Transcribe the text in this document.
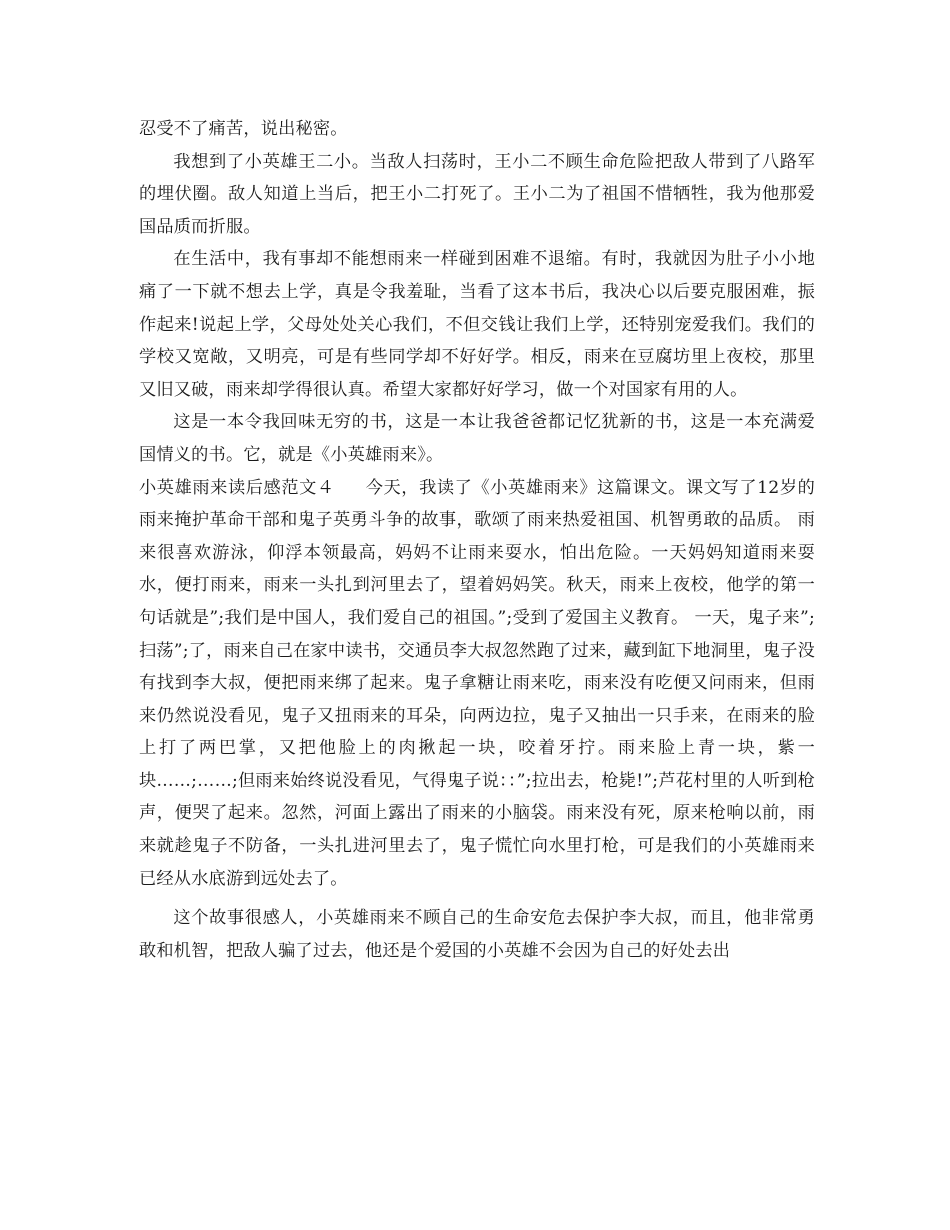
忍受不了痛苦，说出秘密。

我想到了小英雄王二小。当敌人扫荡时，王小二不顾生命危险把敌人带到了八路军的埋伏圈。敌人知道上当后，把王小二打死了。王小二为了祖国不惜牺牲，我为他那爱国品质而折服。

在生活中，我有事却不能想雨来一样碰到困难不退缩。有时，我就因为肚子小小地痛了一下就不想去上学，真是令我羞耻，当看了这本书后，我决心以后要克服困难，振作起来!说起上学，父母处处关心我们，不但交钱让我们上学，还特别宠爱我们。我们的学校又宽敞，又明亮，可是有些同学却不好好学。相反，雨来在豆腐坊里上夜校，那里又旧又破，雨来却学得很认真。希望大家都好好学习，做一个对国家有用的人。

这是一本令我回味无穷的书，这是一本让我爸爸都记忆犹新的书，这是一本充满爱国情义的书。它，就是《小英雄雨来》。

小英雄雨来读后感范文４ 今天，我读了《小英雄雨来》这篇课文。课文写了12岁的雨来掩护革命干部和鬼子英勇斗争的故事，歌颂了雨来热爱祖国、机智勇敢的品质。 雨来很喜欢游泳，仰浮本领最高，妈妈不让雨来耍水，怕出危险。一天妈妈知道雨来耍水，便打雨来，雨来一头扎到河里去了，望着妈妈笑。秋天，雨来上夜校，他学的第一句话就是”;我们是中国人，我们爱自己的祖国。”;受到了爱国主义教育。 一天，鬼子来”;扫荡”;了，雨来自己在家中读书，交通员李大叔忽然跑了过来，藏到缸下地洞里，鬼子没有找到李大叔，便把雨来绑了起来。鬼子拿糖让雨来吃，雨来没有吃便又问雨来，但雨来仍然说没看见，鬼子又扭雨来的耳朵，向两边拉，鬼子又抽出一只手来，在雨来的脸上打了两巴掌，又把他脸上的肉揪起一块，咬着牙拧。雨来脸上青一块，紫一块……;……;但雨来始终说没看见，气得鬼子说：：”;拉出去，枪毙!”;芦花村里的人听到枪声，便哭了起来。忽然，河面上露出了雨来的小脑袋。雨来没有死，原来枪响以前，雨来就趁鬼子不防备，一头扎进河里去了，鬼子慌忙向水里打枪，可是我们的小英雄雨来已经从水底游到远处去了。

这个故事很感人，小英雄雨来不顾自己的生命安危去保护李大叔，而且，他非常勇敢和机智，把敌人骗了过去，他还是个爱国的小英雄不会因为自己的好处去出
